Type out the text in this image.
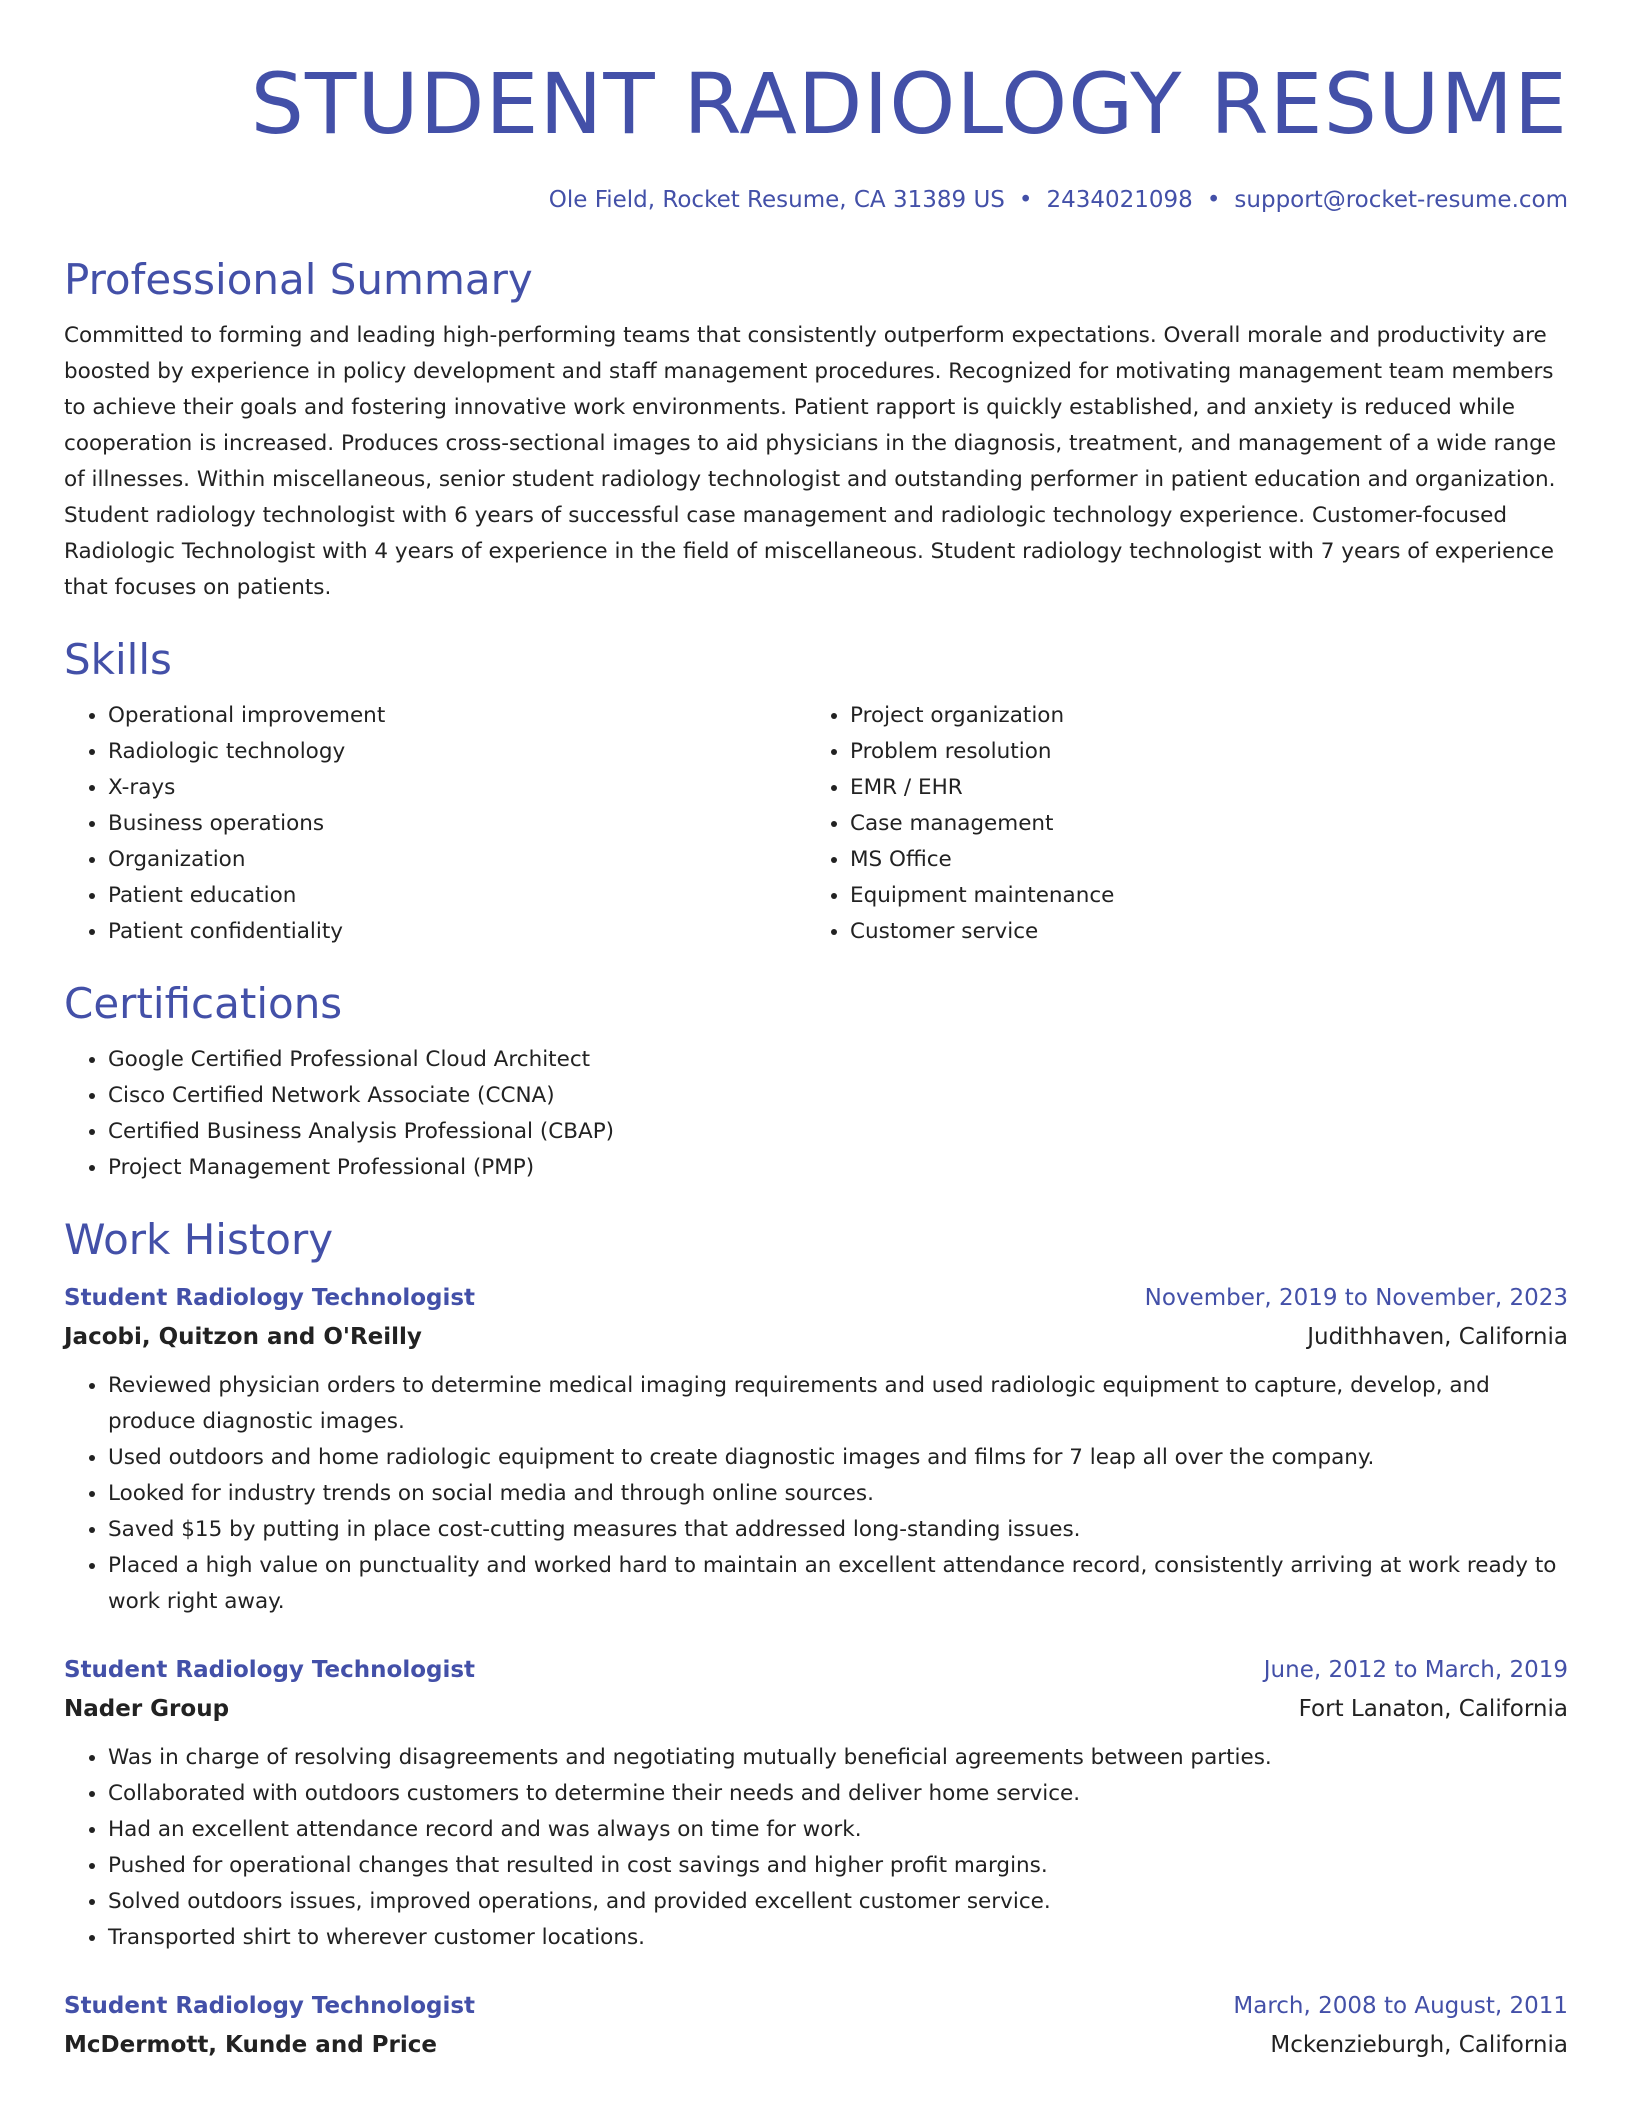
STUDENT RADIOLOGY RESUME
Ole Field, Rocket Resume, CA 31389 US • 2434021098 • support@rocket-resume.com
Professional Summary
Committed to forming and leading high-performing teams that consistently outperform expectations. Overall morale and productivity are boosted by experience in policy development and staff management procedures. Recognized for motivating management team members to achieve their goals and fostering innovative work environments. Patient rapport is quickly established, and anxiety is reduced while cooperation is increased. Produces cross-sectional images to aid physicians in the diagnosis, treatment, and management of a wide range of illnesses. Within miscellaneous, senior student radiology technologist and outstanding performer in patient education and organization. Student radiology technologist with 6 years of successful case management and radiologic technology experience. Customer-focused Radiologic Technologist with 4 years of experience in the field of miscellaneous. Student radiology technologist with 7 years of experience that focuses on patients.
Skills
• Operational improvement
• Radiologic technology
• X-rays
• Business operations
• Organization
• Patient education
• Patient confidentiality
• Project organization
• Problem resolution
• EMR / EHR
• Case management
• MS Office
• Equipment maintenance
• Customer service
Certifications
• Google Certified Professional Cloud Architect
• Cisco Certified Network Associate (CCNA)
• Certified Business Analysis Professional (CBAP)
• Project Management Professional (PMP)
Work History
Student Radiology Technologist	November, 2019 to November, 2023
Jacobi, Quitzon and O'Reilly	Judithhaven, California
• Reviewed physician orders to determine medical imaging requirements and used radiologic equipment to capture, develop, and produce diagnostic images.
• Used outdoors and home radiologic equipment to create diagnostic images and films for 7 leap all over the company.
• Looked for industry trends on social media and through online sources.
• Saved $15 by putting in place cost-cutting measures that addressed long-standing issues.
• Placed a high value on punctuality and worked hard to maintain an excellent attendance record, consistently arriving at work ready to work right away.
Student Radiology Technologist	June, 2012 to March, 2019
Nader Group	Fort Lanaton, California
• Was in charge of resolving disagreements and negotiating mutually beneficial agreements between parties.
• Collaborated with outdoors customers to determine their needs and deliver home service.
• Had an excellent attendance record and was always on time for work.
• Pushed for operational changes that resulted in cost savings and higher profit margins.
• Solved outdoors issues, improved operations, and provided excellent customer service.
• Transported shirt to wherever customer locations.
Student Radiology Technologist	March, 2008 to August, 2011
McDermott, Kunde and Price	Mckenzieburgh, California
